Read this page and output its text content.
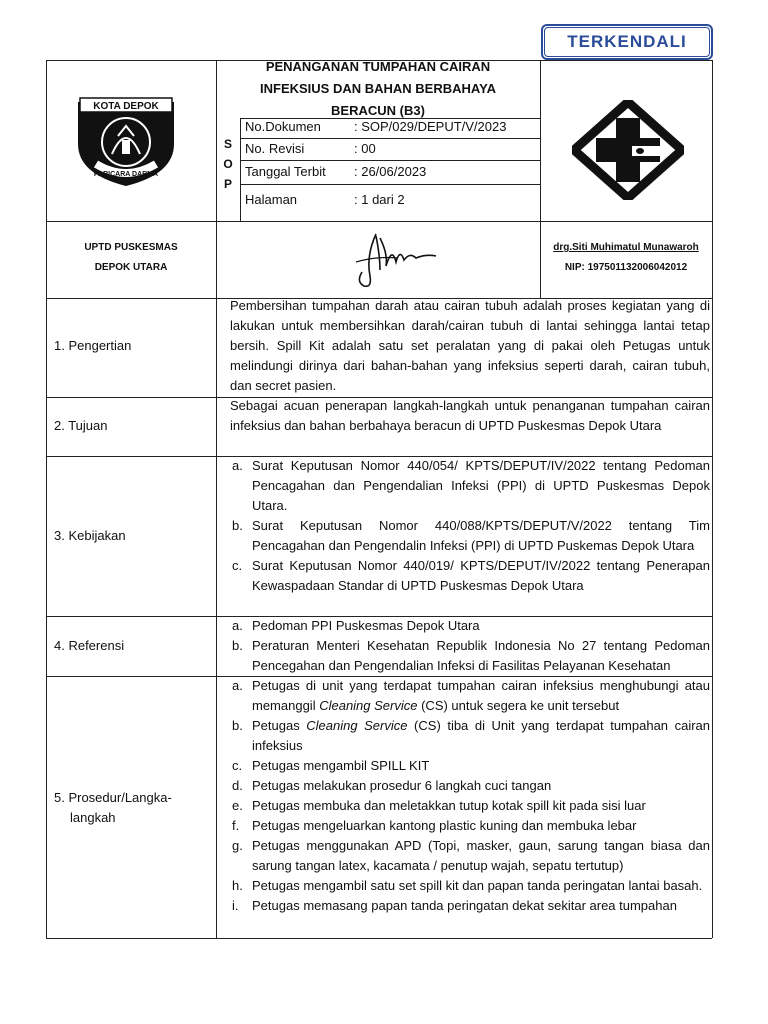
TERKENDALI
KOTA DEPOK
PARICARA DARMA
PENANGANAN TUMPAHAN CAIRAN
INFEKSIUS DAN BAHAN BERBAHAYA
BERACUN (B3)
S
O
P
No.Dokumen	: SOP/029/DEPUT/V/2023
No. Revisi	: 00
Tanggal Terbit : 26/06/2023
Halaman	: 1 dari 2
UPTD PUSKESMAS
DEPOK UTARA
drg.Siti Muhimatul Munawaroh
NIP: 197501132006042012
1. Pengertian
Pembersihan tumpahan darah atau cairan tubuh adalah proses kegiatan yang di lakukan untuk membersihkan darah/cairan tubuh di lantai sehingga lantai tetap bersih. Spill Kit adalah satu set peralatan yang di pakai oleh Petugas untuk melindungi dirinya dari bahan-bahan yang infeksius seperti darah, cairan tubuh, dan secret pasien.
2. Tujuan
Sebagai acuan penerapan langkah-langkah untuk penanganan tumpahan cairan infeksius dan bahan berbahaya beracun di UPTD Puskesmas Depok Utara
3. Kebijakan
a. Surat Keputusan Nomor 440/054/ KPTS/DEPUT/IV/2022 tentang Pedoman Pencagahan dan Pengendalian Infeksi (PPI) di UPTD Puskesmas Depok Utara.
b. Surat Keputusan Nomor 440/088/KPTS/DEPUT/V/2022 tentang Tim Pencagahan dan Pengendalin Infeksi (PPI) di UPTD Puskemas Depok Utara
c. Surat Keputusan Nomor 440/019/ KPTS/DEPUT/IV/2022 tentang Penerapan Kewaspadaan Standar di UPTD Puskesmas Depok Utara
4. Referensi
a. Pedoman PPI Puskesmas Depok Utara
b. Peraturan Menteri Kesehatan Republik Indonesia No 27 tentang Pedoman Pencegahan dan Pengendalian Infeksi di Fasilitas Pelayanan Kesehatan
5. Prosedur/Langka-
langkah
a. Petugas di unit yang terdapat tumpahan cairan infeksius menghubungi atau memanggil Cleaning Service (CS) untuk segera ke unit tersebut
b. Petugas Cleaning Service (CS) tiba di Unit yang terdapat tumpahan cairan infeksius
c. Petugas mengambil SPILL KIT
d. Petugas melakukan prosedur 6 langkah cuci tangan
e. Petugas membuka dan meletakkan tutup kotak spill kit pada sisi luar
f. Petugas mengeluarkan kantong plastic kuning dan membuka lebar
g. Petugas menggunakan APD (Topi, masker, gaun, sarung tangan biasa dan sarung tangan latex, kacamata / penutup wajah, sepatu tertutup)
h. Petugas mengambil satu set spill kit dan papan tanda peringatan lantai basah.
i. Petugas memasang papan tanda peringatan dekat sekitar area tumpahan
